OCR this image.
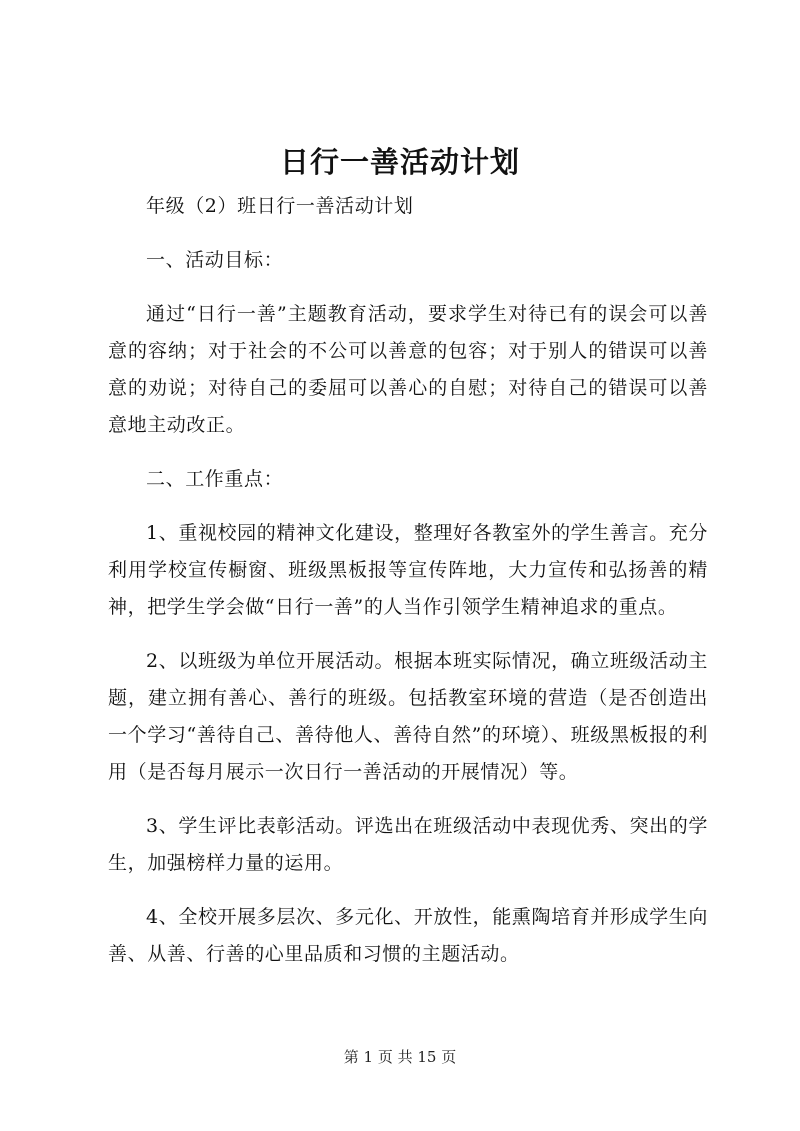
日行一善活动计划

年级（2）班日行一善活动计划

一、活动目标：

通过“日行一善”主题教育活动，要求学生对待已有的误会可以善意的容纳；对于社会的不公可以善意的包容；对于别人的错误可以善意的劝说；对待自己的委屈可以善心的自慰；对待自己的错误可以善意地主动改正。

二、工作重点：

1、重视校园的精神文化建设，整理好各教室外的学生善言。充分利用学校宣传橱窗、班级黑板报等宣传阵地，大力宣传和弘扬善的精神，把学生学会做“日行一善”的人当作引领学生精神追求的重点。

2、以班级为单位开展活动。根据本班实际情况，确立班级活动主题，建立拥有善心、善行的班级。包括教室环境的营造（是否创造出一个学习“善待自己、善待他人、善待自然”的环境）、班级黑板报的利用（是否每月展示一次日行一善活动的开展情况）等。

3、学生评比表彰活动。评选出在班级活动中表现优秀、突出的学生，加强榜样力量的运用。

4、全校开展多层次、多元化、开放性，能熏陶培育并形成学生向善、从善、行善的心里品质和习惯的主题活动。

第 1 页 共 15 页
